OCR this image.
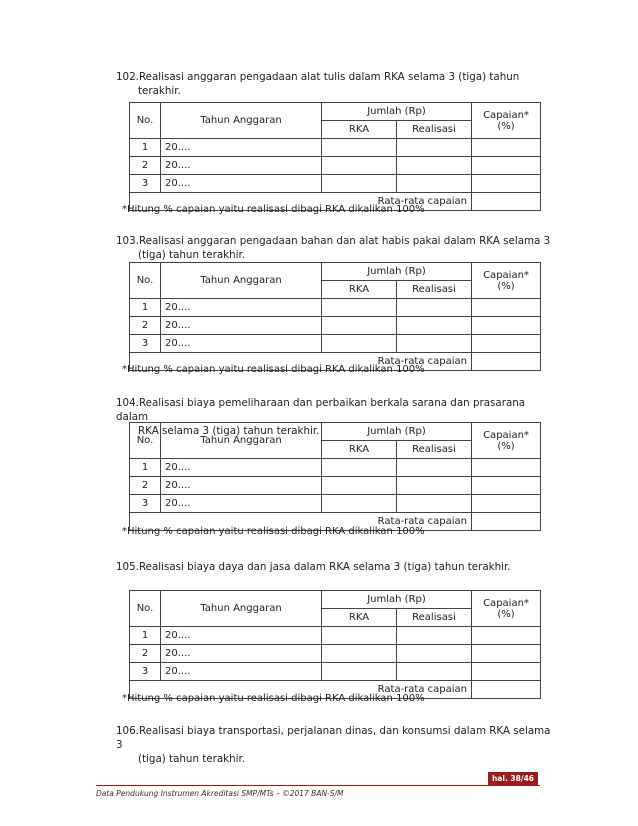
102.Realisasi anggaran pengadaan alat tulis dalam RKA selama 3 (tiga) tahun
terakhir.
No.	Tahun Anggaran	Jumlah (Rp)		Capaian*
(%)
		RKA	Realisasi	
1	20....			
2	20....			
3	20....			
Rata-rata capaian				
*Hitung % capaian yaitu realisasi dibagi RKA dikalikan 100%
103.Realisasi anggaran pengadaan bahan dan alat habis pakai dalam RKA selama 3
(tiga) tahun terakhir.
No.	Tahun Anggaran	Jumlah (Rp)		Capaian*
(%)
		RKA	Realisasi	
1	20....			
2	20....			
3	20....			
Rata-rata capaian				
*Hitung % capaian yaitu realisasi dibagi RKA dikalikan 100%
104.Realisasi biaya pemeliharaan dan perbaikan berkala sarana dan prasarana dalam
RKA selama 3 (tiga) tahun terakhir.
No.	Tahun Anggaran	Jumlah (Rp)		Capaian*
(%)
		RKA	Realisasi	
1	20....			
2	20....			
3	20....			
Rata-rata capaian				
*Hitung % capaian yaitu realisasi dibagi RKA dikalikan 100%
105.Realisasi biaya daya dan jasa dalam RKA selama 3 (tiga) tahun terakhir.
No.	Tahun Anggaran	Jumlah (Rp)		Capaian*
(%)
		RKA	Realisasi	
1	20....			
2	20....			
3	20....			
Rata-rata capaian				
*Hitung % capaian yaitu realisasi dibagi RKA dikalikan 100%
106.Realisasi biaya transportasi, perjalanan dinas, dan konsumsi dalam RKA selama 3
(tiga) tahun terakhir.
hal. 38/46
Data Pendukung Instrumen Akreditasi SMP/MTs – ©2017 BAN-S/M
